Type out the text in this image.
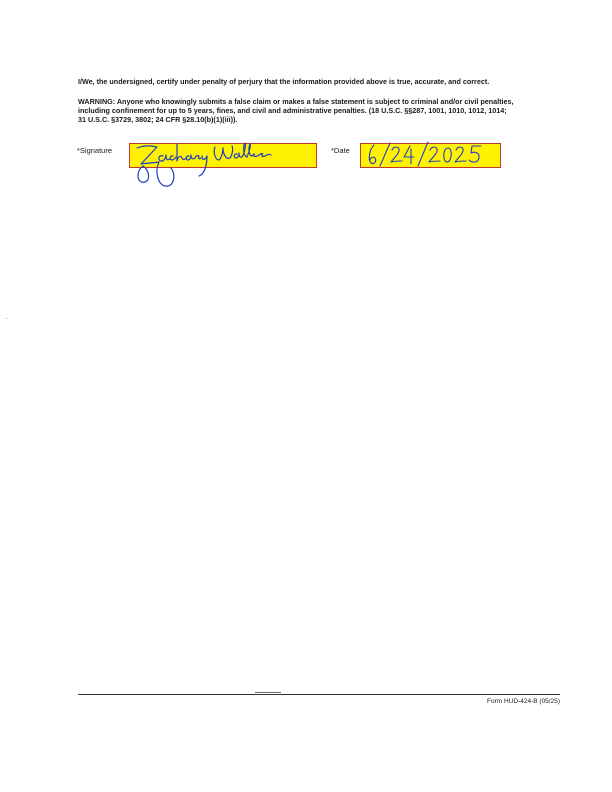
I/We, the undersigned, certify under penalty of perjury that the information provided above is true, accurate, and correct.
WARNING: Anyone who knowingly submits a false claim or makes a false statement is subject to criminal and/or civil penalties,
including confinement for up to 5 years, fines, and civil and administrative penalties. (18 U.S.C. §§287, 1001, 1010, 1012, 1014;
31 U.S.C. §3729, 3802; 24 CFR §28.10(b)(1)(iii)).
*Signature	*Date
Form HUD-424-B (05/25)
